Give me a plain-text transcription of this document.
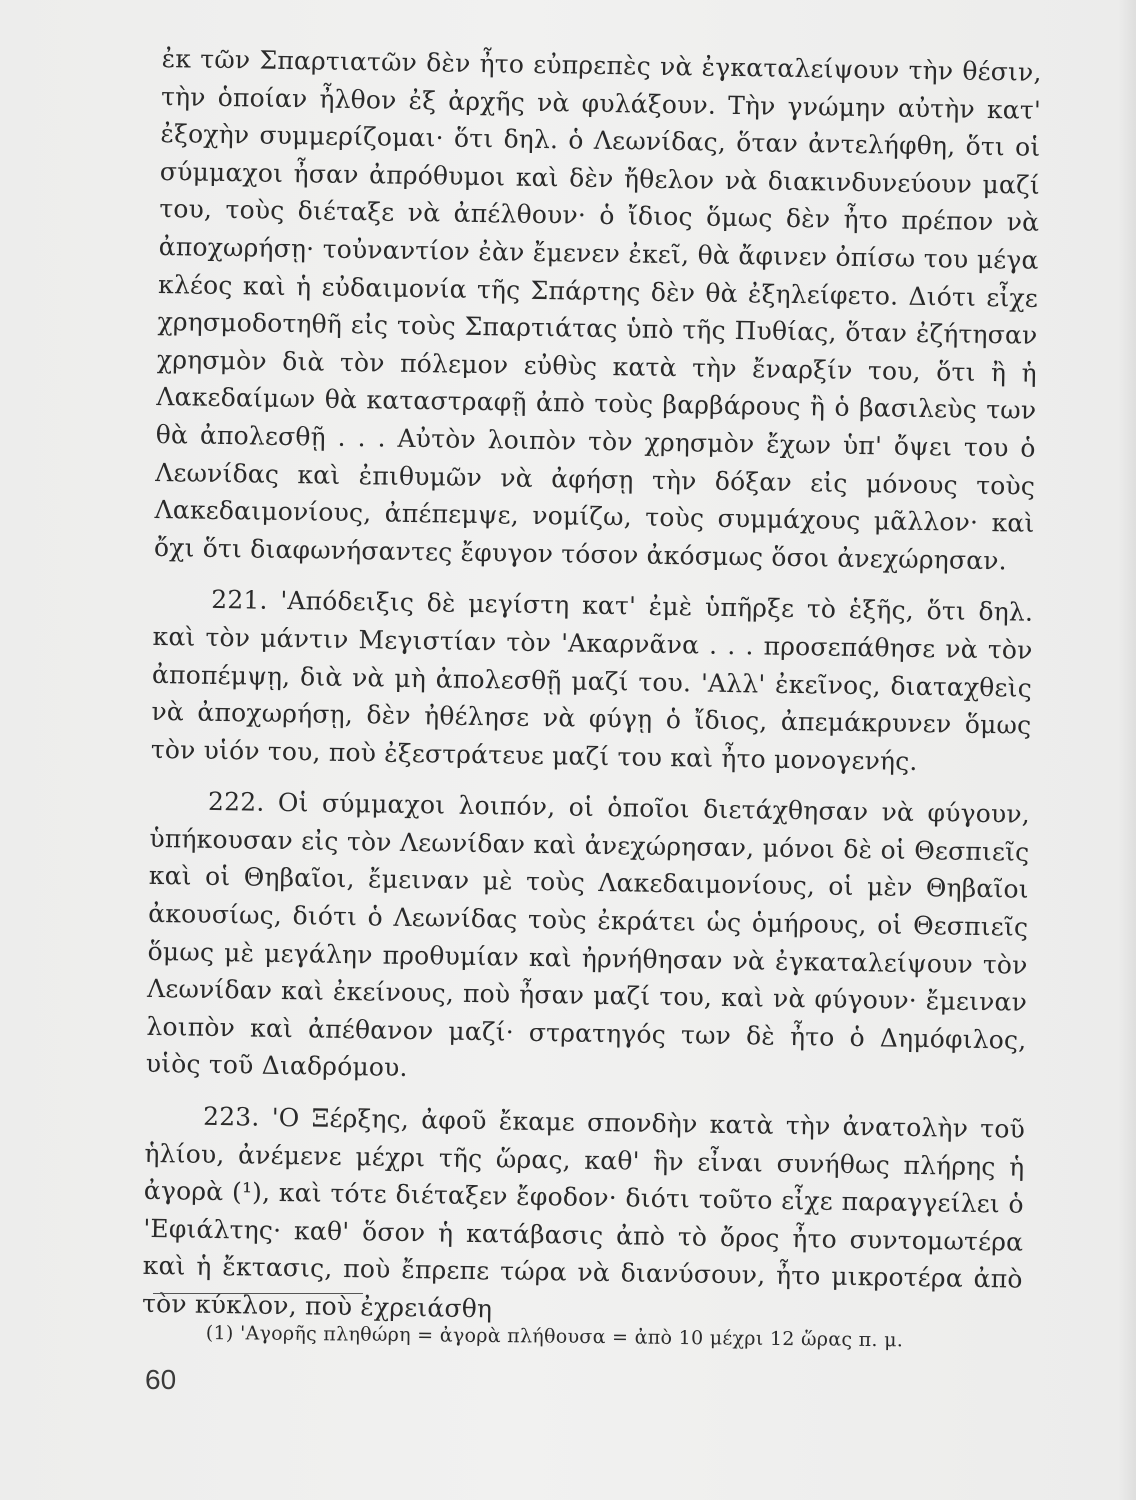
ἐκ τῶν Σπαρτιατῶν δὲν ἦτο εὐπρεπὲς νὰ ἐγκαταλείψουν τὴν θέσιν, τὴν ὁποίαν ἦλθον ἐξ ἀρχῆς νὰ φυλάξουν. Τὴν γνώμην αὐτὴν κατ' ἐξοχὴν συμμερίζομαι· ὅτι δηλ. ὁ Λεωνίδας, ὅταν ἀντελήφθη, ὅτι οἱ σύμμαχοι ἦσαν ἀπρόθυμοι καὶ δὲν ἤθελον νὰ διακινδυνεύουν μαζί του, τοὺς διέταξε νὰ ἀπέλθουν· ὁ ἴδιος ὅμως δὲν ἦτο πρέπον νὰ ἀποχωρήσῃ· τοὐναντίον ἐὰν ἔμενεν ἐκεῖ, θὰ ἄφινεν ὀπίσω του μέγα κλέος καὶ ἡ εὐδαιμονία τῆς Σπάρτης δὲν θὰ ἐξηλείφετο. Διότι εἶχε χρησμοδοτηθῆ εἰς τοὺς Σπαρτιάτας ὑπὸ τῆς Πυθίας, ὅταν ἐζήτησαν χρησμὸν διὰ τὸν πόλεμον εὐθὺς κατὰ τὴν ἔναρξίν του, ὅτι ἢ ἡ Λακεδαίμων θὰ καταστραφῇ ἀπὸ τοὺς βαρβάρους ἢ ὁ βασιλεὺς των θὰ ἀπολεσθῇ . . . Αὐτὸν λοιπὸν τὸν χρησμὸν ἔχων ὑπ' ὄψει του ὁ Λεωνίδας καὶ ἐπιθυμῶν νὰ ἀφήσῃ τὴν δόξαν εἰς μόνους τοὺς Λακεδαιμονίους, ἀπέπεμψε, νομίζω, τοὺς συμμάχους μᾶλλον· καὶ ὄχι ὅτι διαφωνήσαντες ἔφυγον τόσον ἀκόσμως ὅσοι ἀνεχώρησαν.

221. 'Απόδειξις δὲ μεγίστη κατ' ἐμὲ ὑπῆρξε τὸ ἑξῆς, ὅτι δηλ. καὶ τὸν μάντιν Μεγιστίαν τὸν 'Ακαρνᾶνα . . . προσεπάθησε νὰ τὸν ἀποπέμψῃ, διὰ νὰ μὴ ἀπολεσθῇ μαζί του. 'Αλλ' ἐκεῖνος, διαταχθεὶς νὰ ἀποχωρήσῃ, δὲν ἠθέλησε νὰ φύγῃ ὁ ἴδιος, ἀπεμάκρυνεν ὅμως τὸν υἱόν του, ποὺ ἐξεστράτευε μαζί του καὶ ἦτο μονογενής.

222. Οἱ σύμμαχοι λοιπόν, οἱ ὁποῖοι διετάχθησαν νὰ φύγουν, ὑπήκουσαν εἰς τὸν Λεωνίδαν καὶ ἀνεχώρησαν, μόνοι δὲ οἱ Θεσπιεῖς καὶ οἱ Θηβαῖοι, ἔμειναν μὲ τοὺς Λακεδαιμονίους, οἱ μὲν Θηβαῖοι ἀκουσίως, διότι ὁ Λεωνίδας τοὺς ἐκράτει ὡς ὁμήρους, οἱ Θεσπιεῖς ὅμως μὲ μεγάλην προθυμίαν καὶ ἠρνήθησαν νὰ ἐγκαταλείψουν τὸν Λεωνίδαν καὶ ἐκείνους, ποὺ ἦσαν μαζί του, καὶ νὰ φύγουν· ἔμειναν λοιπὸν καὶ ἀπέθανον μαζί· στρατηγός των δὲ ἦτο ὁ Δημόφιλος, υἱὸς τοῦ Διαδρόμου.

223. 'Ο Ξέρξης, ἀφοῦ ἔκαμε σπονδὴν κατὰ τὴν ἀνατολὴν τοῦ ἡλίου, ἀνέμενε μέχρι τῆς ὥρας, καθ' ἣν εἶναι συνήθως πλήρης ἡ ἀγορὰ (¹), καὶ τότε διέταξεν ἔφοδον· διότι τοῦτο εἶχε παραγγείλει ὁ 'Εφιάλτης· καθ' ὅσον ἡ κατάβασις ἀπὸ τὸ ὄρος ἦτο συντομωτέρα καὶ ἡ ἔκτασις, ποὺ ἔπρεπε τώρα νὰ διανύσουν, ἦτο μικροτέρα ἀπὸ τὸν κύκλον, ποὺ ἐχρειάσθη

(1) 'Αγορῆς πληθώρη = ἀγορὰ πλήθουσα = ἀπὸ 10 μέχρι 12 ὥρας π. μ.
60
